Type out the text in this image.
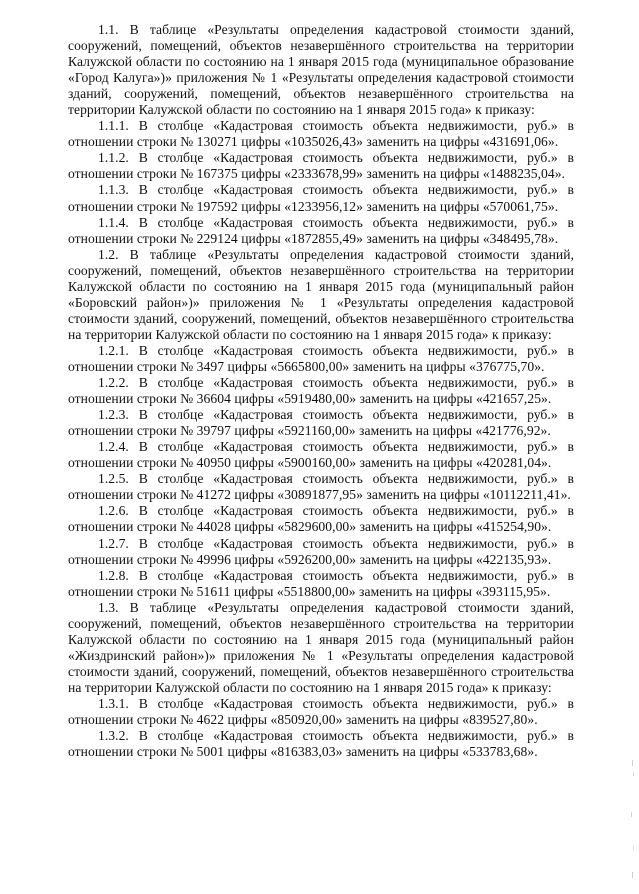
1.1. В таблице «Результаты определения кадастровой стоимости зданий, сооружений, помещений, объектов незавершённого строительства на территории Калужской области по состоянию на 1 января 2015 года (муниципальное образование «Город Калуга»)» приложения № 1 «Результаты определения кадастровой стоимости зданий, сооружений, помещений, объектов незавершённого строительства на территории Калужской области по состоянию на 1 января 2015 года» к приказу:

1.1.1. В столбце «Кадастровая стоимость объекта недвижимости, руб.» в отношении строки № 130271 цифры «1035026,43» заменить на цифры «431691,06».

1.1.2. В столбце «Кадастровая стоимость объекта недвижимости, руб.» в отношении строки № 167375 цифры «2333678,99» заменить на цифры «1488235,04».

1.1.3. В столбце «Кадастровая стоимость объекта недвижимости, руб.» в отношении строки № 197592 цифры «1233956,12» заменить на цифры «570061,75».

1.1.4. В столбце «Кадастровая стоимость объекта недвижимости, руб.» в отношении строки № 229124 цифры «1872855,49» заменить на цифры «348495,78».

1.2. В таблице «Результаты определения кадастровой стоимости зданий, сооружений, помещений, объектов незавершённого строительства на территории Калужской области по состоянию на 1 января 2015 года (муниципальный район «Боровский район»)» приложения № 1 «Результаты определения кадастровой стоимости зданий, сооружений, помещений, объектов незавершённого строительства на территории Калужской области по состоянию на 1 января 2015 года» к приказу:

1.2.1. В столбце «Кадастровая стоимость объекта недвижимости, руб.» в отношении строки № 3497 цифры «5665800,00» заменить на цифры «376775,70».

1.2.2. В столбце «Кадастровая стоимость объекта недвижимости, руб.» в отношении строки № 36604 цифры «5919480,00» заменить на цифры «421657,25».

1.2.3. В столбце «Кадастровая стоимость объекта недвижимости, руб.» в отношении строки № 39797 цифры «5921160,00» заменить на цифры «421776,92».

1.2.4. В столбце «Кадастровая стоимость объекта недвижимости, руб.» в отношении строки № 40950 цифры «5900160,00» заменить на цифры «420281,04».

1.2.5. В столбце «Кадастровая стоимость объекта недвижимости, руб.» в отношении строки № 41272 цифры «30891877,95» заменить на цифры «10112211,41».

1.2.6. В столбце «Кадастровая стоимость объекта недвижимости, руб.» в отношении строки № 44028 цифры «5829600,00» заменить на цифры «415254,90».

1.2.7. В столбце «Кадастровая стоимость объекта недвижимости, руб.» в отношении строки № 49996 цифры «5926200,00» заменить на цифры «422135,93».

1.2.8. В столбце «Кадастровая стоимость объекта недвижимости, руб.» в отношении строки № 51611 цифры «5518800,00» заменить на цифры «393115,95».

1.3. В таблице «Результаты определения кадастровой стоимости зданий, сооружений, помещений, объектов незавершённого строительства на территории Калужской области по состоянию на 1 января 2015 года (муниципальный район «Жиздринский район»)» приложения № 1 «Результаты определения кадастровой стоимости зданий, сооружений, помещений, объектов незавершённого строительства на территории Калужской области по состоянию на 1 января 2015 года» к приказу:

1.3.1. В столбце «Кадастровая стоимость объекта недвижимости, руб.» в отношении строки № 4622 цифры «850920,00» заменить на цифры «839527,80».

1.3.2. В столбце «Кадастровая стоимость объекта недвижимости, руб.» в отношении строки № 5001 цифры «816383,03» заменить на цифры «533783,68».
